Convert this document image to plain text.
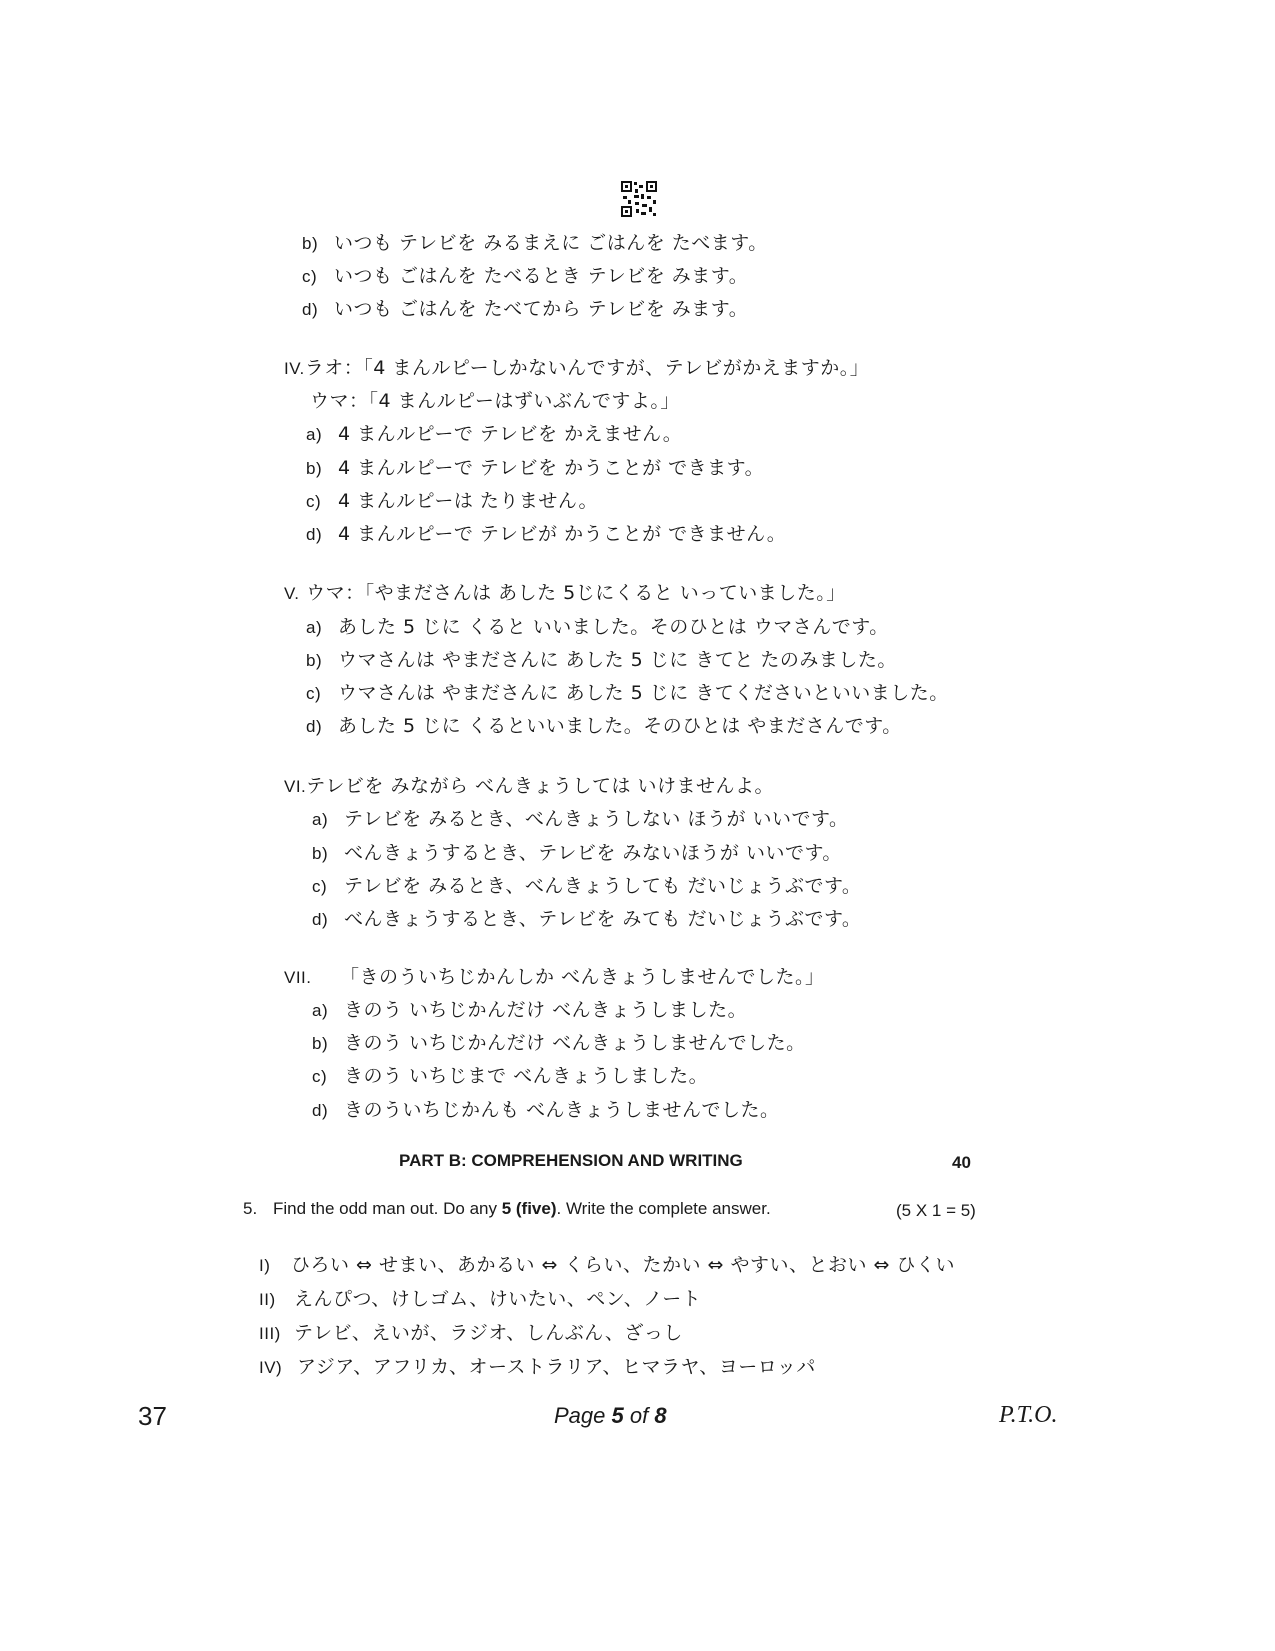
b) いつも テレビを みるまえに ごはんを たべます。
c) いつも ごはんを たべるとき テレビを みます。
d) いつも ごはんを たべてから テレビを みます。
IV.ラオ：「4 まんルピーしかないんですが、テレビがかえますか。」
ウマ：「4 まんルピーはずいぶんですよ。」
a) 4 まんルピーで テレビを かえません。
b) 4 まんルピーで テレビを かうことが できます。
c) 4 まんルピーは たりません。
d) 4 まんルピーで テレビが かうことが できません。
V. ウマ：「やまださんは あした 5じにくると いっていました。」
a) あした 5 じに くると いいました。そのひとは ウマさんです。
b) ウマさんは やまださんに あした 5 じに きてと たのみました。
c) ウマさんは やまださんに あした 5 じに きてくださいといいました。
d) あした 5 じに くるといいました。そのひとは やまださんです。
VI.テレビを みながら べんきょうしては いけませんよ。
a) テレビを みるとき、べんきょうしない ほうが いいです。
b) べんきょうするとき、テレビを みないほうが いいです。
c) テレビを みるとき、べんきょうしても だいじょうぶです。
d) べんきょうするとき、テレビを みても だいじょうぶです。
VII. 「きのういちじかんしか べんきょうしませんでした。」
a) きのう いちじかんだけ べんきょうしました。
b) きのう いちじかんだけ べんきょうしませんでした。
c) きのう いちじまで べんきょうしました。
d) きのういちじかんも べんきょうしませんでした。
PART B: COMPREHENSION AND WRITING	40
5. Find the odd man out. Do any 5 (five). Write the complete answer.	(5 X 1 = 5)
I) ひろい ⇔ せまい、あかるい ⇔ くらい、たかい ⇔ やすい、とおい ⇔ ひくい
II) えんぴつ、けしゴム、けいたい、ペン、ノート
III) テレビ、えいが、ラジオ、しんぶん、ざっし
IV) アジア、アフリカ、オーストラリア、ヒマラヤ、ヨーロッパ
37	Page 5 of 8	P.T.O.
